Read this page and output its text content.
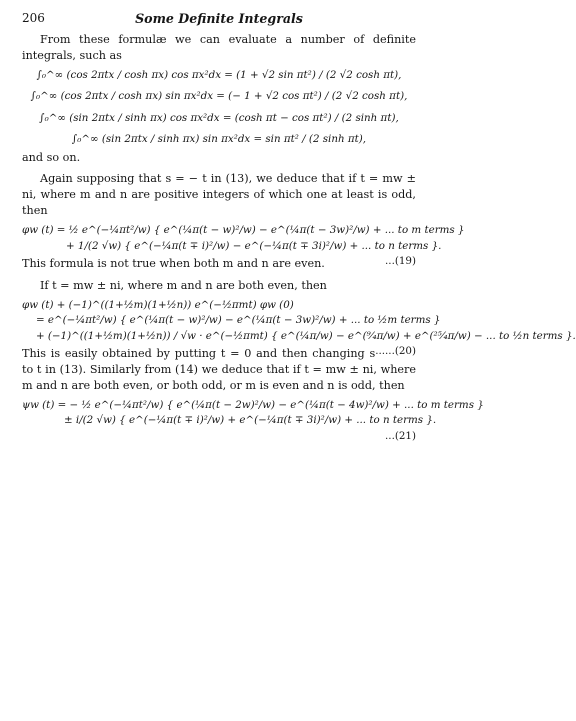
206	Some Definite Integrals

From these formulæ we can evaluate a number of definite integrals, such as

∫₀^∞ (cos 2πtx / cosh πx) cos πx²dx = (1 + √2 sin πt²) / (2 √2 cosh πt),
∫₀^∞ (cos 2πtx / cosh πx) sin πx²dx = (− 1 + √2 cos πt²) / (2 √2 cosh πt),
∫₀^∞ (sin 2πtx / sinh πx) cos πx²dx = (cosh πt − cos πt²) / (2 sinh πt),
∫₀^∞ (sin 2πtx / sinh πx) sin πx²dx = sin πt² / (2 sinh πt),

and so on.

Again supposing that s = − t in (13), we deduce that if t = mw ± ni, where m and n are positive integers of which one at least is odd, then

φw (t) = ½ e^(−¼πt²/w) { e^(¼π(t − w)²/w) − e^(¼π(t − 3w)²/w) + ... to m terms }
+ 1/(2 √w) { e^(−¼π(t ∓ i)²/w) − e^(−¼π(t ∓ 3i)²/w) + ... to n terms }.
...(19)

This formula is not true when both m and n are even.

If t = mw ± ni, where m and n are both even, then

φw (t) + (−1)^((1+½m)(1+½n)) e^(−½πmt) φw (0)
= e^(−¼πt²/w) { e^(¼π(t − w)²/w) − e^(¼π(t − 3w)²/w) + ... to ½m terms }
+ (−1)^((1+½m)(1+½n)) / √w · e^(−½πmt) { e^(¼π/w) − e^(⁹⁄₄π/w) + e^(²⁵⁄₄π/w) − ... to ½n terms }.
......(20)

This is easily obtained by putting t = 0 and then changing s to t in (13). Similarly from (14) we deduce that if t = mw ± ni, where m and n are both even, or both odd, or m is even and n is odd, then

ψw (t) = − ½ e^(−¼πt²/w) { e^(¼π(t − 2w)²/w) − e^(¼π(t − 4w)²/w) + ... to m terms }
± i/(2 √w) { e^(−¼π(t ∓ i)²/w) + e^(−¼π(t ∓ 3i)²/w) + ... to n terms }.
...(21)
